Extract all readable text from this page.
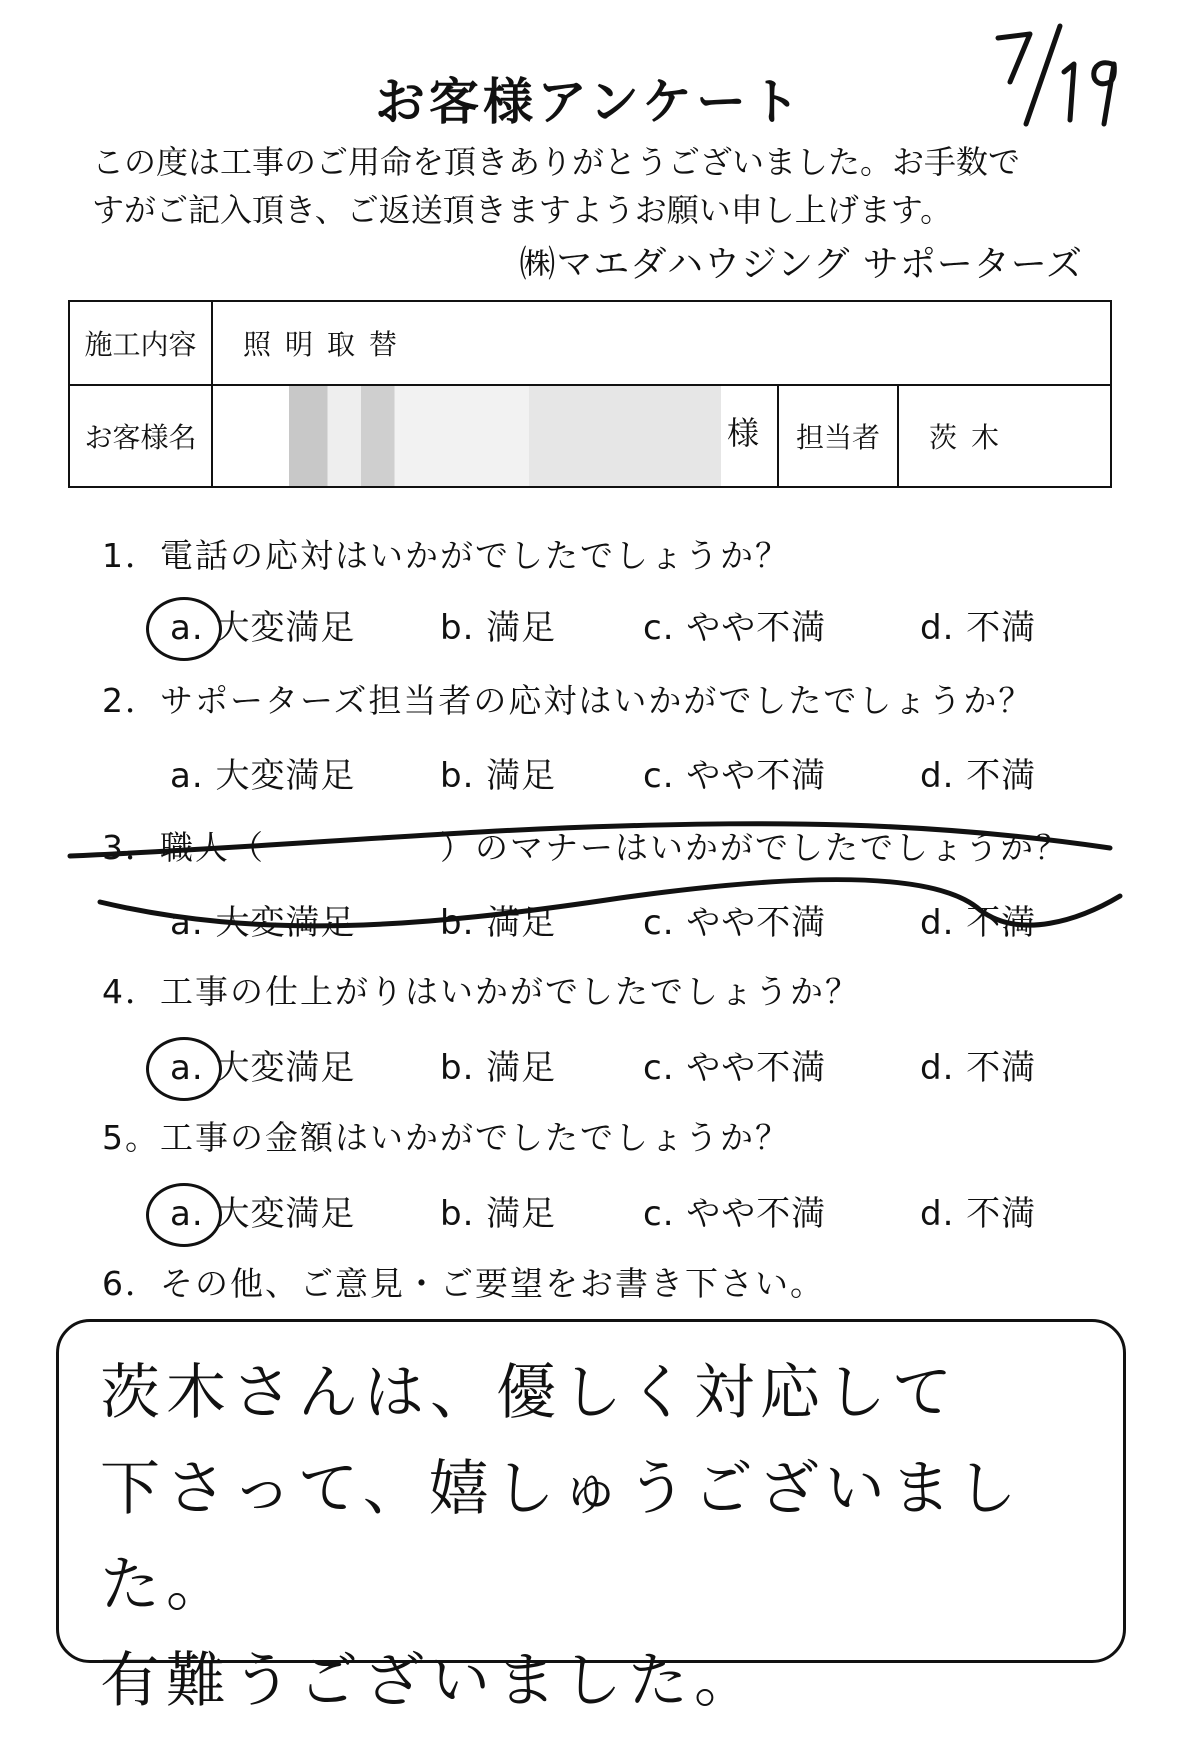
お客様アンケート
この度は工事のご用命を頂きありがとうございました。お手数で
すがご記入頂き、ご返送頂きますようお願い申し上げます。
㈱マエダハウジング サポーターズ
施工内容	照明取替		
お客様名	様	担当者	茨木
1．電話の応対はいかがでしたでしょうか？
a. 大変満足 b. 満足	c. やや不満	d. 不満
2．サポーターズ担当者の応対はいかがでしたでしょうか？
a. 大変満足 b. 満足	c. やや不満	d. 不満
3．職人（　　　　　）のマナーはいかがでしたでしょうか？
a. 大変満足 b. 満足	c. やや不満	d. 不満
4．工事の仕上がりはいかがでしたでしょうか？
a. 大変満足 b. 満足	c. やや不満	d. 不満
5。工事の金額はいかがでしたでしょうか？
a. 大変満足 b. 満足	c. やや不満	d. 不満
6．その他、ご意見・ご要望をお書き下さい。
茨木さんは、優しく対応して
下さって、嬉しゅうございました。
有難うございました。
